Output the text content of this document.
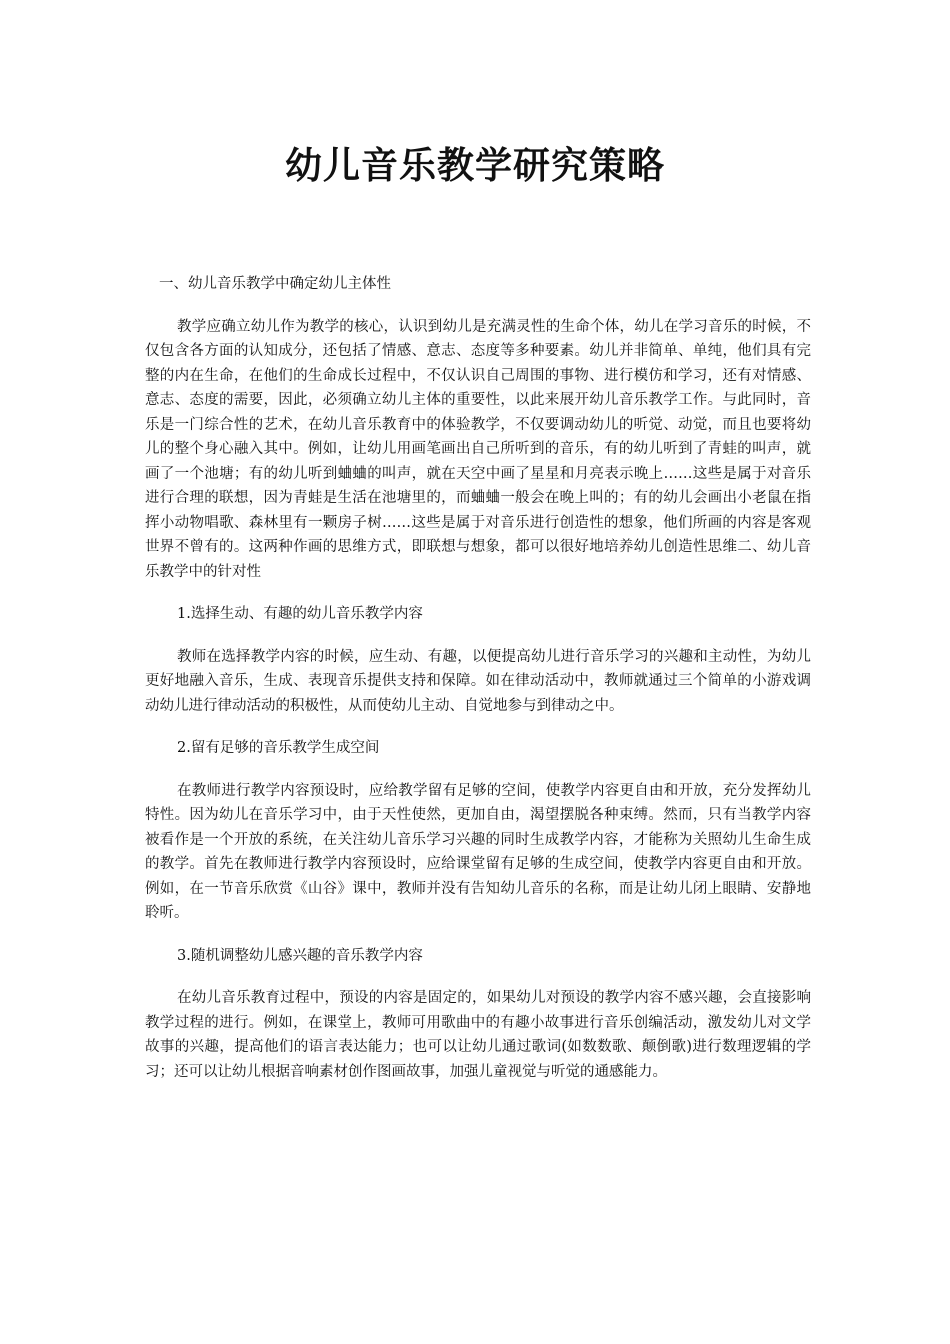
幼儿音乐教学研究策略

一、幼儿音乐教学中确定幼儿主体性

教学应确立幼儿作为教学的核心，认识到幼儿是充满灵性的生命个体，幼儿在学习音乐的时候，不仅包含各方面的认知成分，还包括了情感、意志、态度等多种要素。幼儿并非简单、单纯，他们具有完整的内在生命，在他们的生命成长过程中，不仅认识自己周围的事物、进行模仿和学习，还有对情感、意志、态度的需要，因此，必须确立幼儿主体的重要性，以此来展开幼儿音乐教学工作。与此同时，音乐是一门综合性的艺术，在幼儿音乐教育中的体验教学，不仅要调动幼儿的听觉、动觉，而且也要将幼儿的整个身心融入其中。例如，让幼儿用画笔画出自己所听到的音乐，有的幼儿听到了青蛙的叫声，就画了一个池塘；有的幼儿听到蛐蛐的叫声，就在天空中画了星星和月亮表示晚上……这些是属于对音乐进行合理的联想，因为青蛙是生活在池塘里的，而蛐蛐一般会在晚上叫的；有的幼儿会画出小老鼠在指挥小动物唱歌、森林里有一颗房子树……这些是属于对音乐进行创造性的想象，他们所画的内容是客观世界不曾有的。这两种作画的思维方式，即联想与想象，都可以很好地培养幼儿创造性思维二、幼儿音乐教学中的针对性

1.选择生动、有趣的幼儿音乐教学内容

教师在选择教学内容的时候，应生动、有趣，以便提高幼儿进行音乐学习的兴趣和主动性，为幼儿更好地融入音乐，生成、表现音乐提供支持和保障。如在律动活动中，教师就通过三个简单的小游戏调动幼儿进行律动活动的积极性，从而使幼儿主动、自觉地参与到律动之中。

2.留有足够的音乐教学生成空间

在教师进行教学内容预设时，应给教学留有足够的空间，使教学内容更自由和开放，充分发挥幼儿特性。因为幼儿在音乐学习中，由于天性使然，更加自由，渴望摆脱各种束缚。然而，只有当教学内容被看作是一个开放的系统，在关注幼儿音乐学习兴趣的同时生成教学内容，才能称为关照幼儿生命生成的教学。首先在教师进行教学内容预设时，应给课堂留有足够的生成空间，使教学内容更自由和开放。例如，在一节音乐欣赏《山谷》课中，教师并没有告知幼儿音乐的名称，而是让幼儿闭上眼睛、安静地聆听。

3.随机调整幼儿感兴趣的音乐教学内容

在幼儿音乐教育过程中，预设的内容是固定的，如果幼儿对预设的教学内容不感兴趣，会直接影响教学过程的进行。例如，在课堂上，教师可用歌曲中的有趣小故事进行音乐创编活动，激发幼儿对文学故事的兴趣，提高他们的语言表达能力；也可以让幼儿通过歌词(如数数歌、颠倒歌)进行数理逻辑的学习；还可以让幼儿根据音响素材创作图画故事，加强儿童视觉与听觉的通感能力。
